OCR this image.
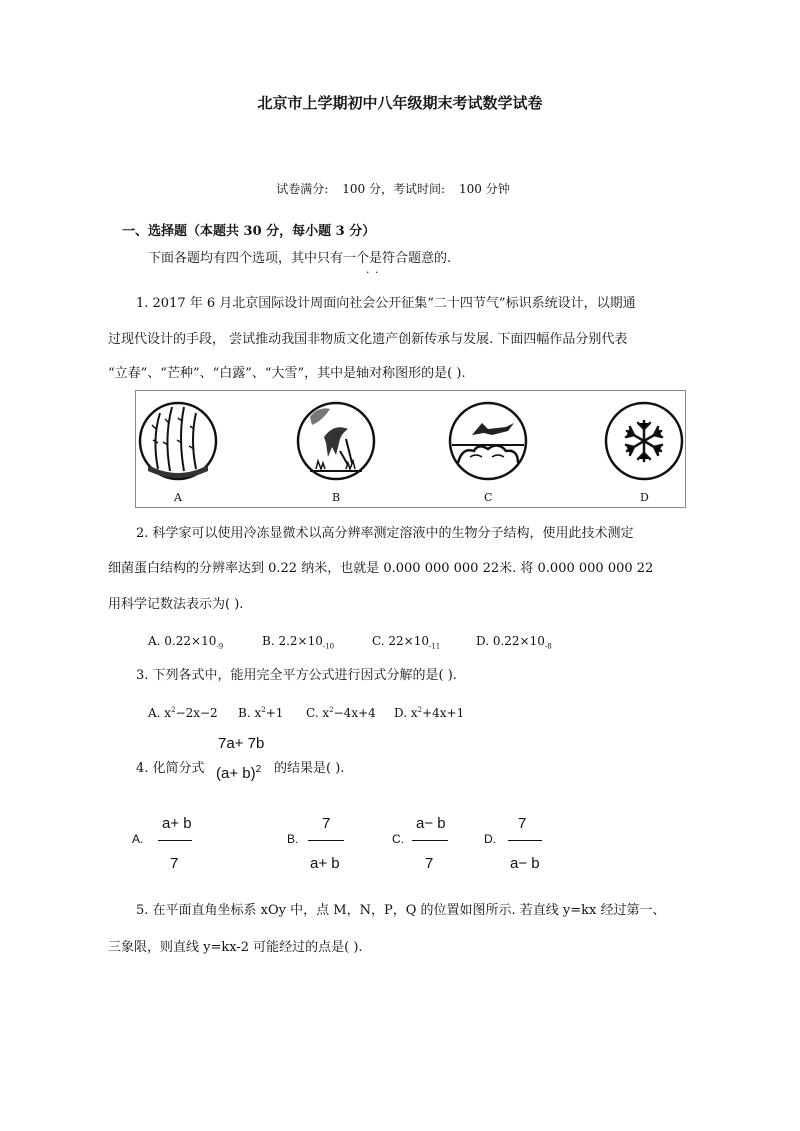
北京市上学期初中八年级期末考试数学试卷
试卷满分: 100 分，考试时间: 100 分钟
一、选择题（本题共 30 分，每小题 3 分）
下面各题均有四个选项，其中只有一个是符合题意的.
· ·
1. 2017 年 6 月北京国际设计周面向社会公开征集“二十四节气”标识系统设计，以期通
过现代设计的手段， 尝试推动我国非物质文化遗产创新传承与发展. 下面四幅作品分别代表
“立春”、“芒种”、“白露”、“大雪”，其中是轴对称图形的是( ).
A	B	C	D
2. 科学家可以使用冷冻显微术以高分辨率测定溶液中的生物分子结构，使用此技术测定
细菌蛋白结构的分辨率达到 0.22 纳米，也就是 0.000 000 000 22米. 将 0.000 000 000 22
用科学记数法表示为( ).
A. $0.22\times 10_{-9}$	B. $2.2\times 10_{-10}$	C. $22\times 10_{-11}$	D. $0.22\times 10_{-8}$
3. 下列各式中，能用完全平方公式进行因式分解的是( ).
A. $x^2-2x-2$ B. $x^2+1$ C. $x^2-4x+4$ D. $x^2+4x+1$
4. 化简分式
7a+ 7b
$(a+ b)^2$ 的结果是( ).
A.
a+ b
7
B.
7
a+ b
C.
a− b
7
D.
7
a− b
5. 在平面直角坐标系 xOy 中，点 M，N，P，Q 的位置如图所示. 若直线 y=kx 经过第一、
三象限，则直线 y=kx-2 可能经过的点是( ).
